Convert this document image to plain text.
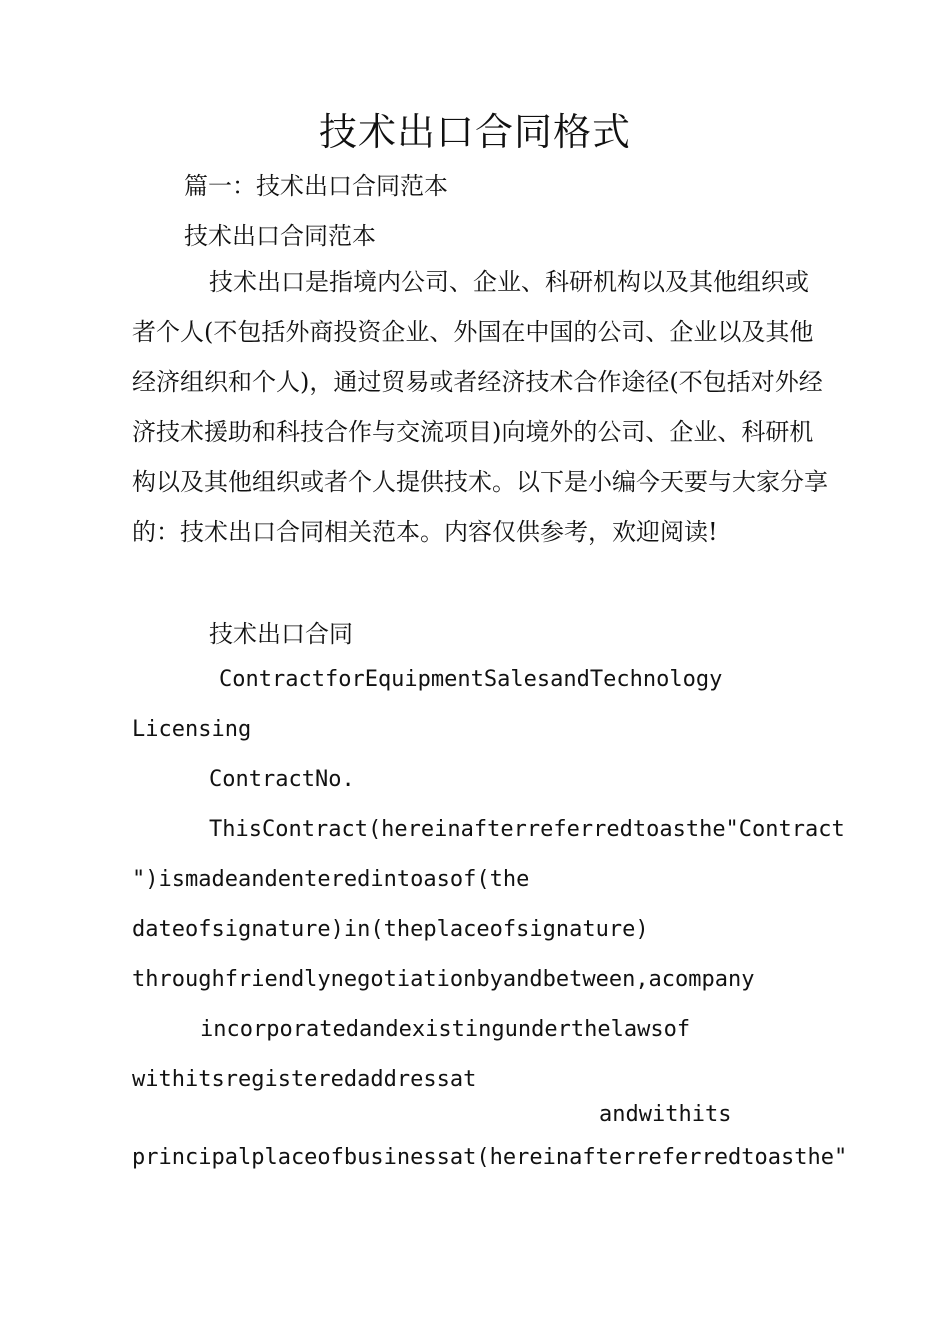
技术出口合同格式
篇一：技术出口合同范本
技术出口合同范本
技术出口是指境内公司、企业、科研机构以及其他组织或者个人(不包括外商投资企业、外国在中国的公司、企业以及其他经济组织和个人)，通过贸易或者经济技术合作途径(不包括对外经济技术援助和科技合作与交流项目)向境外的公司、企业、科研机构以及其他组织或者个人提供技术。以下是小编今天要与大家分享的：技术出口合同相关范本。内容仅供参考，欢迎阅读!
技术出口合同
ContractforEquipmentSalesandTechnology
Licensing
ContractNo.
ThisContract(hereinafterreferredtoasthe"Contract
")ismadeandenteredintoasof(the
dateofsignature)in(theplaceofsignature)
throughfriendlynegotiationbyandbetween,acompany
incorporatedandexistingunderthelawsof
withitsregisteredaddressat
andwithits
principalplaceofbusinessat(hereinafterreferredtoasthe"
